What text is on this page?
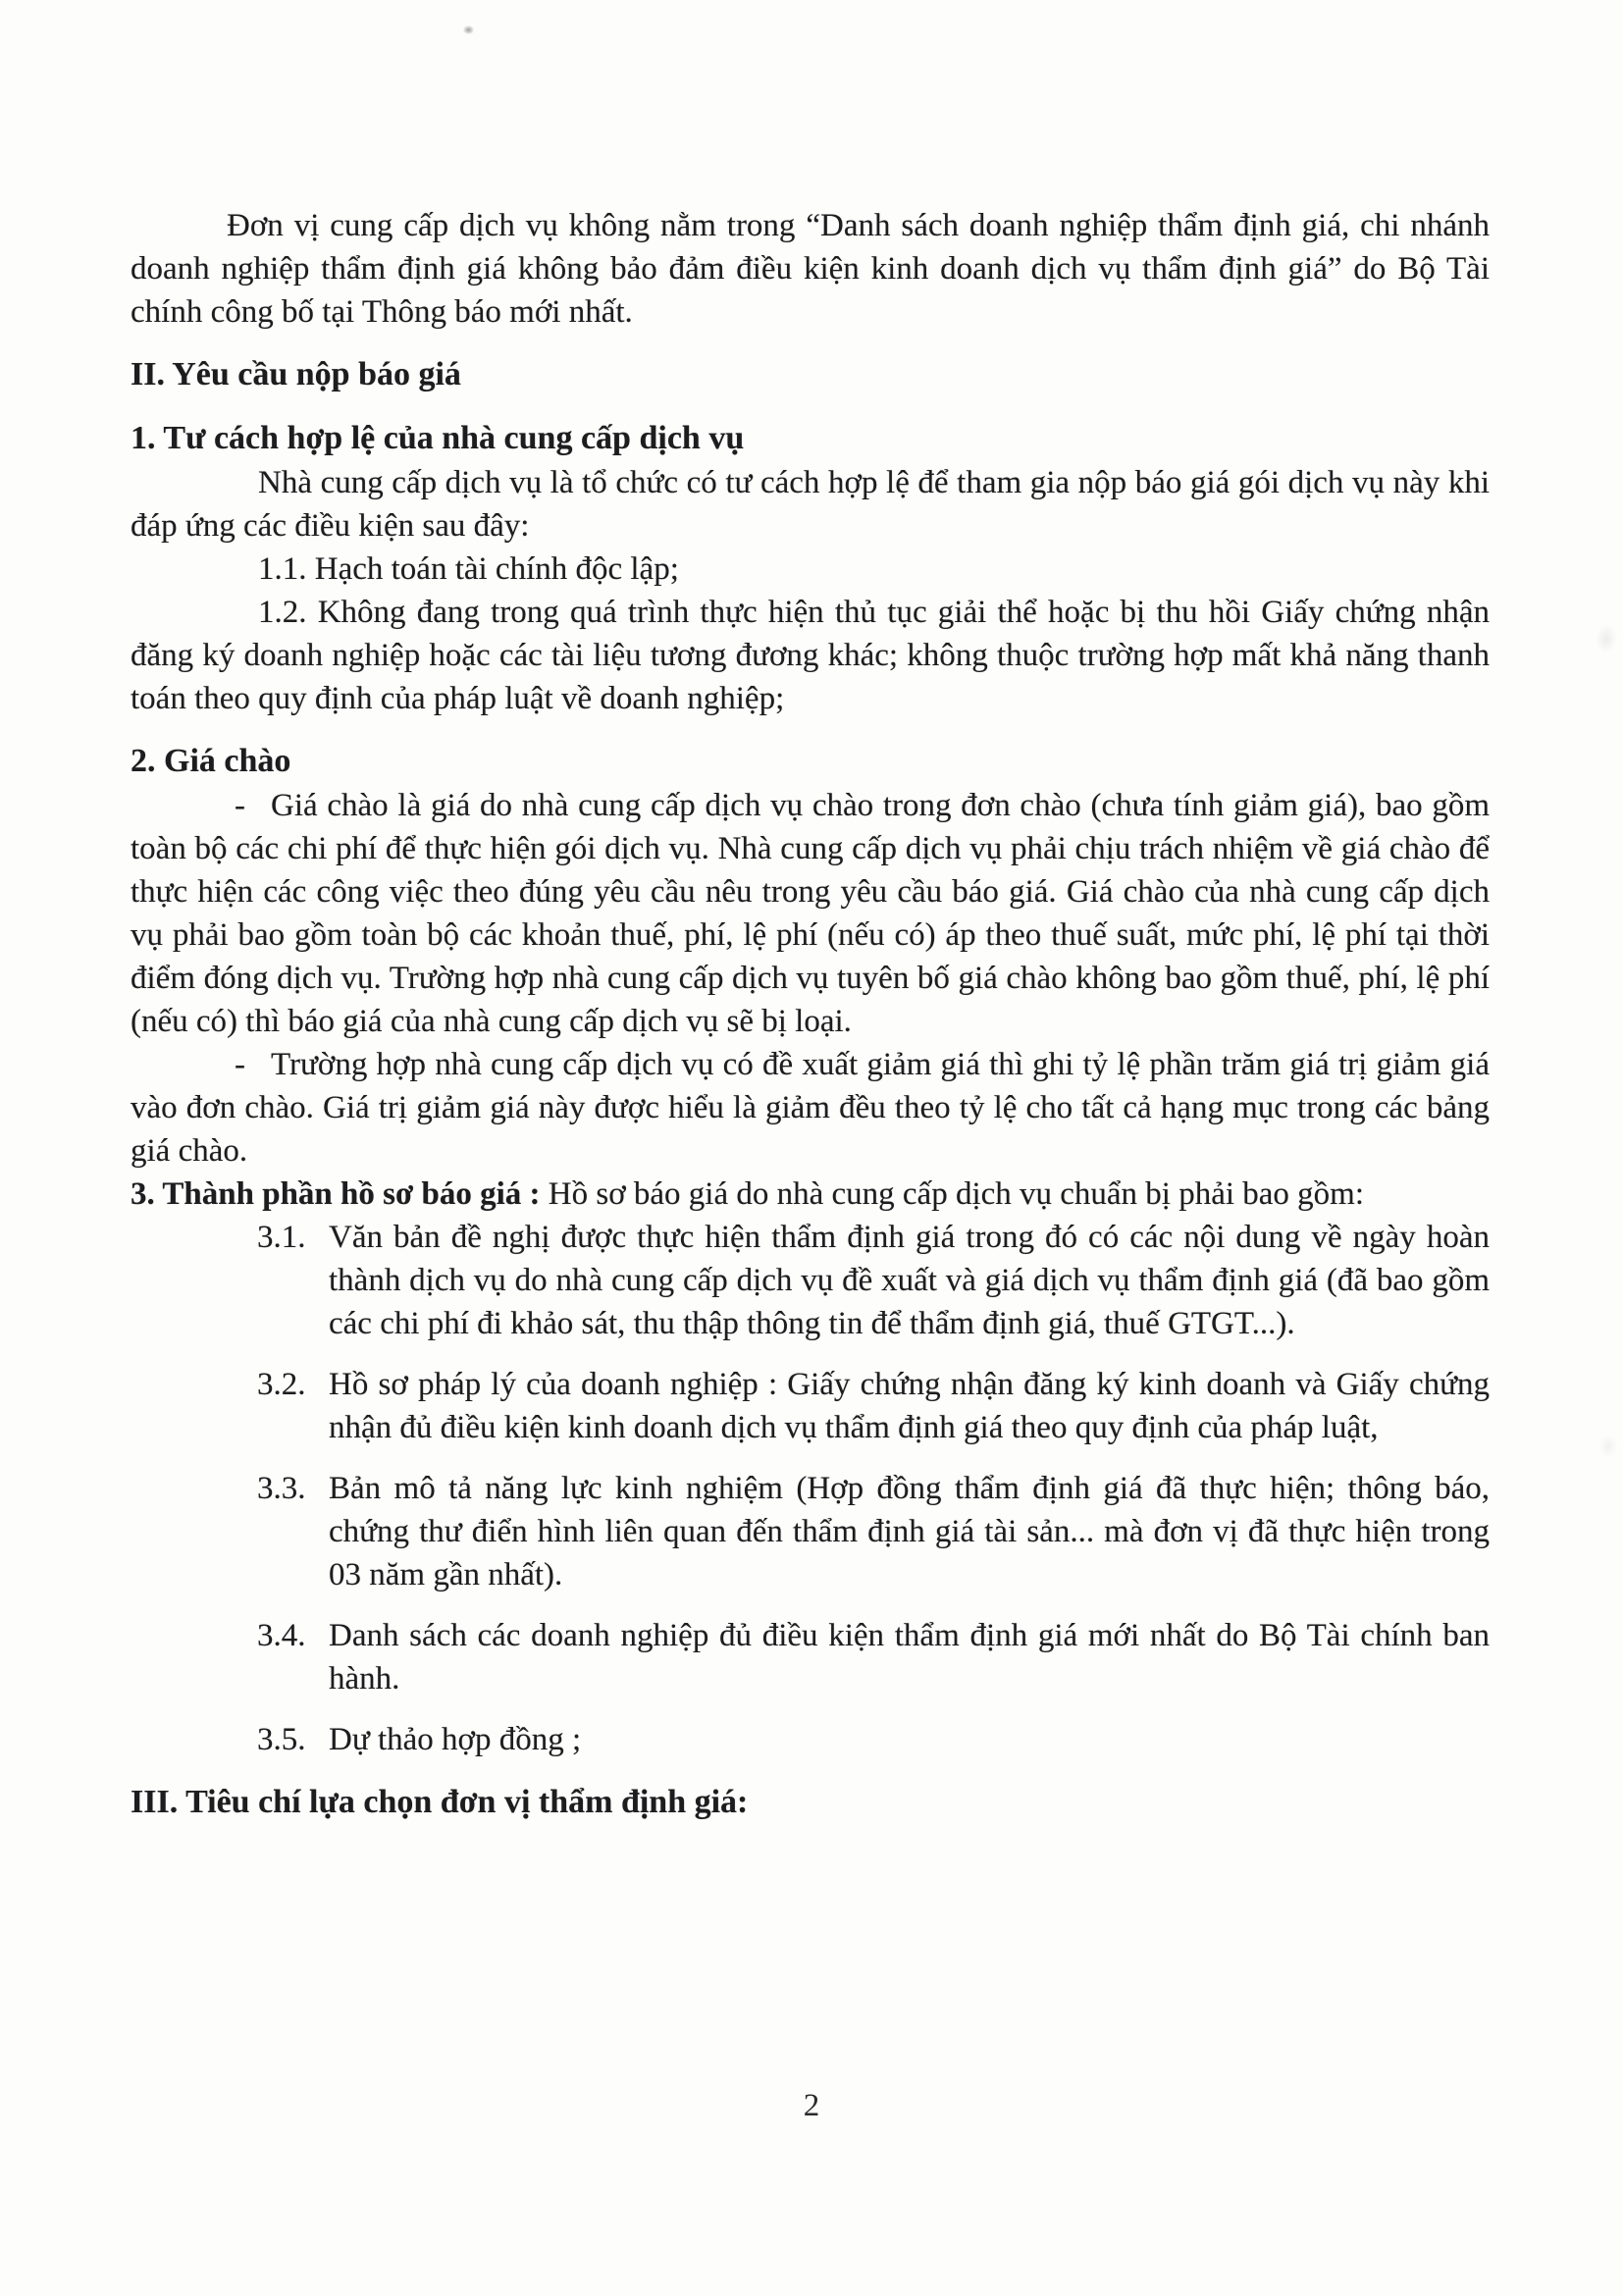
Đơn vị cung cấp dịch vụ không nằm trong “Danh sách doanh nghiệp thẩm định giá, chi nhánh doanh nghiệp thẩm định giá không bảo đảm điều kiện kinh doanh dịch vụ thẩm định giá” do Bộ Tài chính công bố tại Thông báo mới nhất.

II. Yêu cầu nộp báo giá
1. Tư cách hợp lệ của nhà cung cấp dịch vụ

Nhà cung cấp dịch vụ là tổ chức có tư cách hợp lệ để tham gia nộp báo giá gói dịch vụ này khi đáp ứng các điều kiện sau đây:

1.1. Hạch toán tài chính độc lập;

1.2. Không đang trong quá trình thực hiện thủ tục giải thể hoặc bị thu hồi Giấy chứng nhận đăng ký doanh nghiệp hoặc các tài liệu tương đương khác; không thuộc trường hợp mất khả năng thanh toán theo quy định của pháp luật về doanh nghiệp;

2. Giá chào

- Giá chào là giá do nhà cung cấp dịch vụ chào trong đơn chào (chưa tính giảm giá), bao gồm toàn bộ các chi phí để thực hiện gói dịch vụ. Nhà cung cấp dịch vụ phải chịu trách nhiệm về giá chào để thực hiện các công việc theo đúng yêu cầu nêu trong yêu cầu báo giá. Giá chào của nhà cung cấp dịch vụ phải bao gồm toàn bộ các khoản thuế, phí, lệ phí (nếu có) áp theo thuế suất, mức phí, lệ phí tại thời điểm đóng dịch vụ. Trường hợp nhà cung cấp dịch vụ tuyên bố giá chào không bao gồm thuế, phí, lệ phí (nếu có) thì báo giá của nhà cung cấp dịch vụ sẽ bị loại.

- Trường hợp nhà cung cấp dịch vụ có đề xuất giảm giá thì ghi tỷ lệ phần trăm giá trị giảm giá vào đơn chào. Giá trị giảm giá này được hiểu là giảm đều theo tỷ lệ cho tất cả hạng mục trong các bảng giá chào.

3. Thành phần hồ sơ báo giá : Hồ sơ báo giá do nhà cung cấp dịch vụ chuẩn bị phải bao gồm:

3.1. Văn bản đề nghị được thực hiện thẩm định giá trong đó có các nội dung về ngày hoàn thành dịch vụ do nhà cung cấp dịch vụ đề xuất và giá dịch vụ thẩm định giá (đã bao gồm các chi phí đi khảo sát, thu thập thông tin để thẩm định giá, thuế GTGT...).
3.2. Hồ sơ pháp lý của doanh nghiệp : Giấy chứng nhận đăng ký kinh doanh và Giấy chứng nhận đủ điều kiện kinh doanh dịch vụ thẩm định giá theo quy định của pháp luật,
3.3. Bản mô tả năng lực kinh nghiệm (Hợp đồng thẩm định giá đã thực hiện; thông báo, chứng thư điển hình liên quan đến thẩm định giá tài sản... mà đơn vị đã thực hiện trong 03 năm gần nhất).
3.4. Danh sách các doanh nghiệp đủ điều kiện thẩm định giá mới nhất do Bộ Tài chính ban hành.
3.5. Dự thảo hợp đồng ;
III. Tiêu chí lựa chọn đơn vị thẩm định giá:
2
